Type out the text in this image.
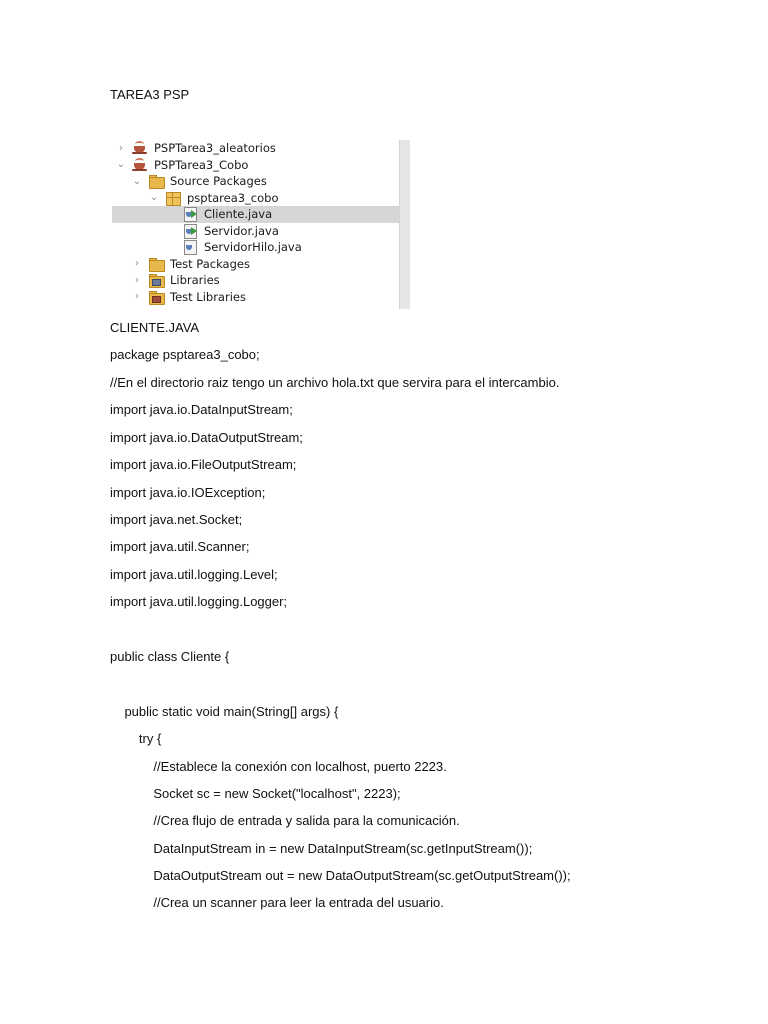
TAREA3 PSP
›	PSPTarea3_aleatorios
⌄	PSPTarea3_Cobo
⌄	Source Packages
⌄	psptarea3_cobo
Cliente.java
Servidor.java
ServidorHilo.java
›	Test Packages
›	Libraries
›	Test Libraries
CLIENTE.JAVA
package psptarea3_cobo;
//En el directorio raiz tengo un archivo hola.txt que servira para el intercambio.
import java.io.DataInputStream;
import java.io.DataOutputStream;
import java.io.FileOutputStream;
import java.io.IOException;
import java.net.Socket;
import java.util.Scanner;
import java.util.logging.Level;
import java.util.logging.Logger;
public class Cliente {
public static void main(String[] args) {
try {
//Establece la conexión con localhost, puerto 2223.
Socket sc = new Socket("localhost", 2223);
//Crea flujo de entrada y salida para la comunicación.
DataInputStream in = new DataInputStream(sc.getInputStream());
DataOutputStream out = new DataOutputStream(sc.getOutputStream());
//Crea un scanner para leer la entrada del usuario.
